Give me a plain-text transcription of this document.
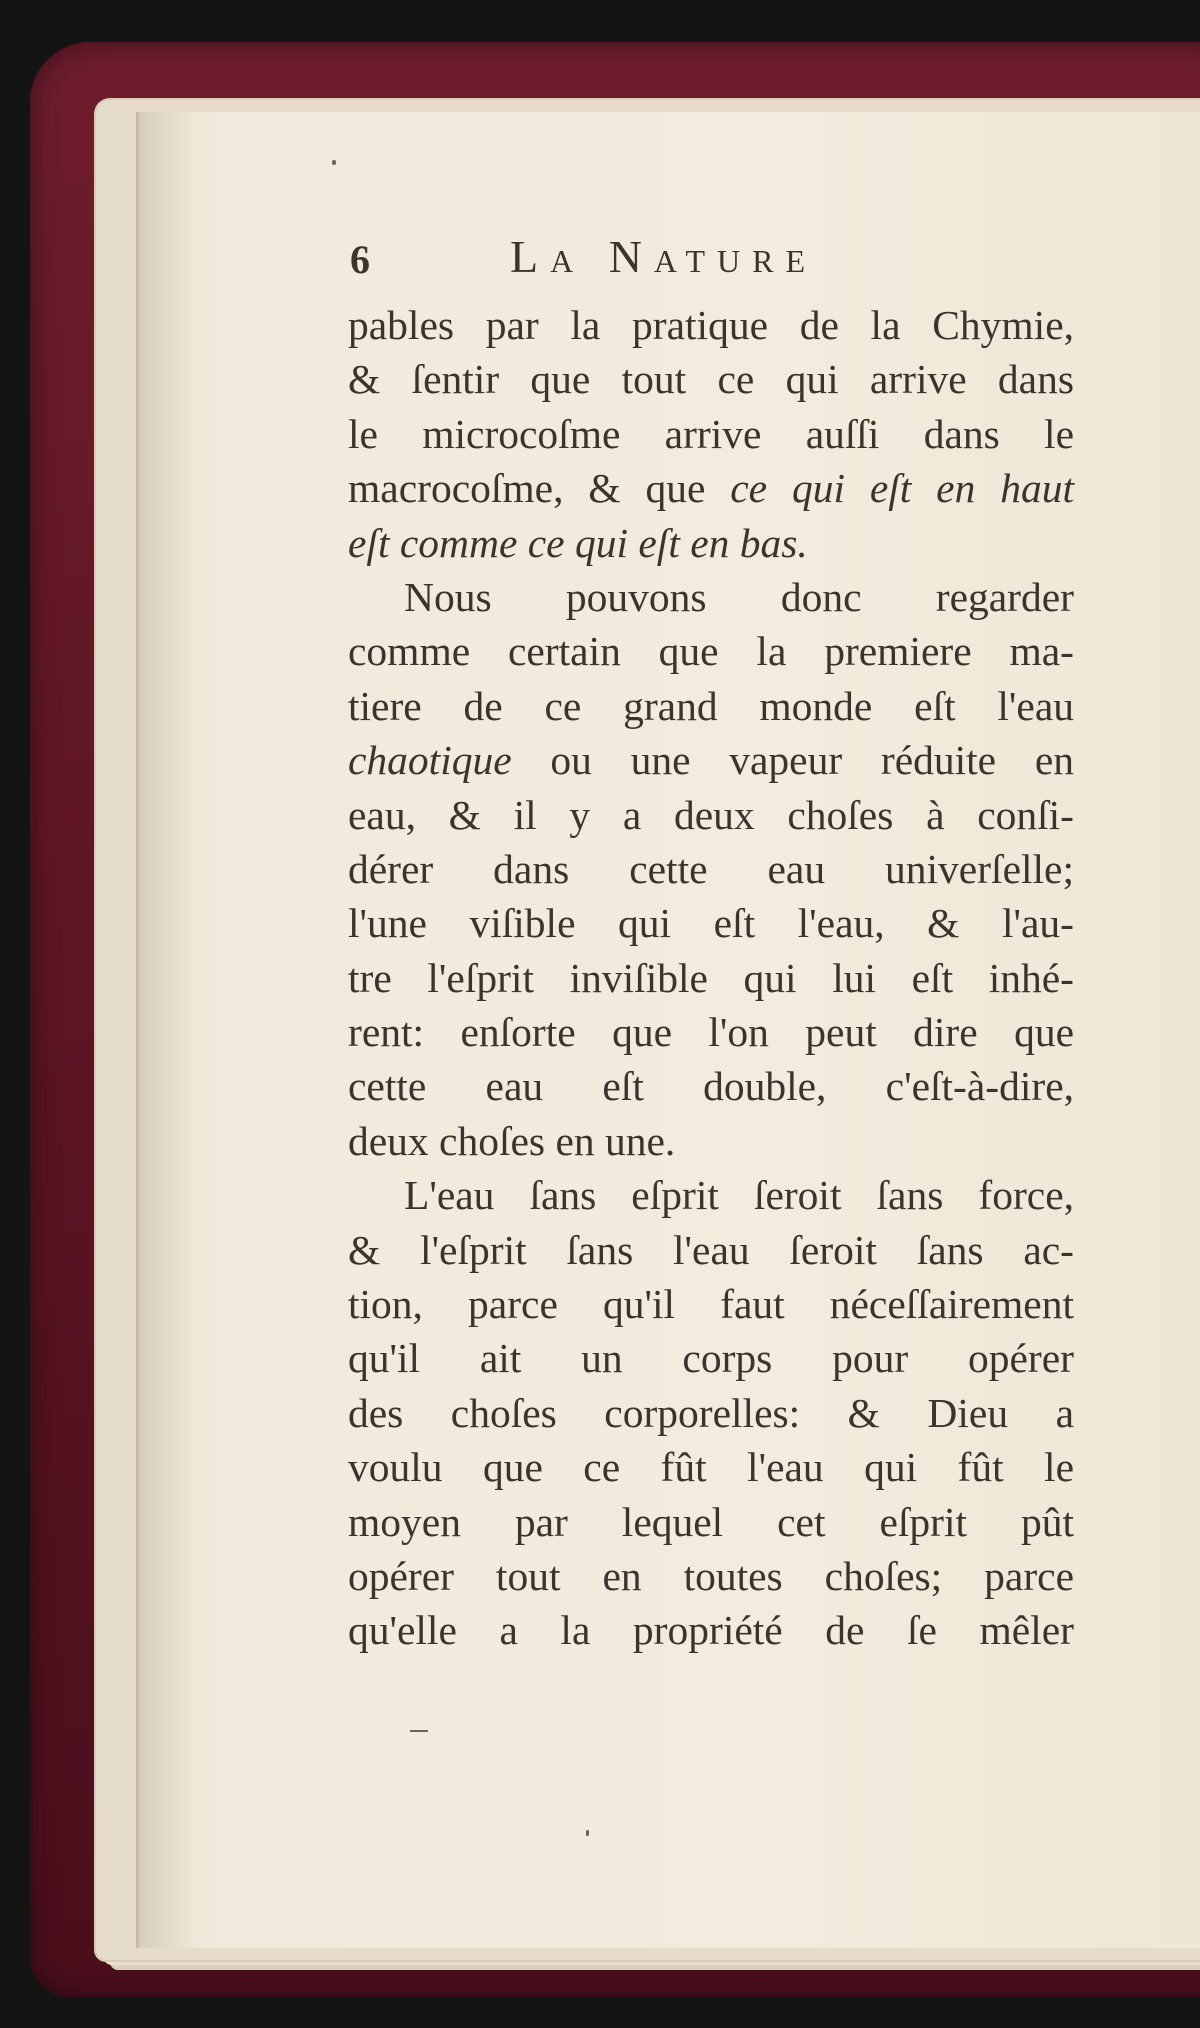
6	La Nature
pables par la pratique de la Chymie,
& ſentir que tout ce qui arrive dans
le microcoſme arrive auſſi dans le
macrocoſme, & que ce qui eſt en haut
eſt comme ce qui eſt en bas.
Nous pouvons donc regarder
comme certain que la premiere ma-
tiere de ce grand monde eſt l'eau
chaotique ou une vapeur réduite en
eau, & il y a deux choſes à conſi-
dérer dans cette eau univerſelle;
l'une viſible qui eſt l'eau, & l'au-
tre l'eſprit inviſible qui lui eſt inhé-
rent: enſorte que l'on peut dire que
cette eau eſt double, c'eſt-à-dire,
deux choſes en une.
L'eau ſans eſprit ſeroit ſans force,
& l'eſprit ſans l'eau ſeroit ſans ac-
tion, parce qu'il faut néceſſairement
qu'il ait un corps pour opérer
des choſes corporelles: & Dieu a
voulu que ce fût l'eau qui fût le
moyen par lequel cet eſprit pût
opérer tout en toutes choſes; parce
qu'elle a la propriété de ſe mêler
